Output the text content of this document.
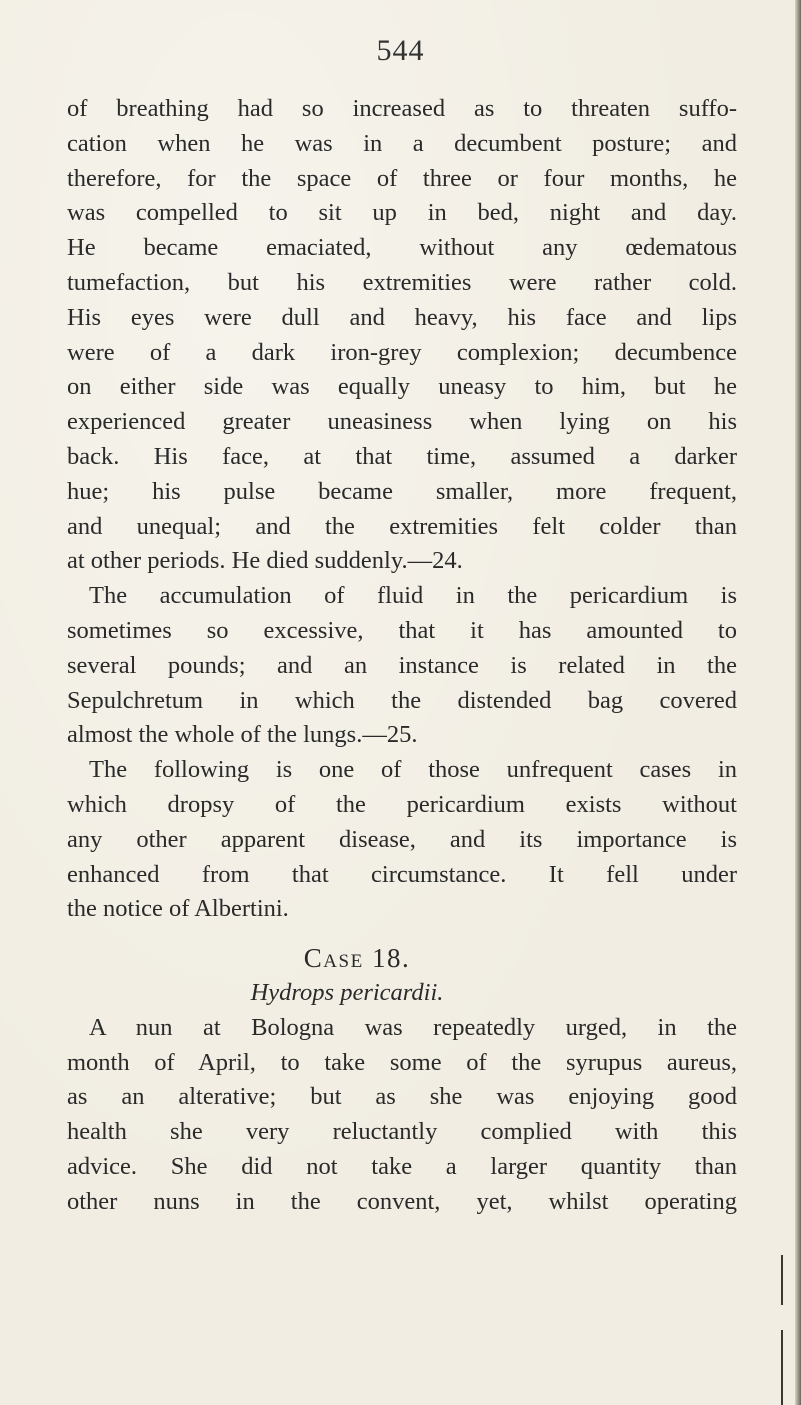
544
of breathing had so increased as to threaten suffo-
cation when he was in a decumbent posture; and
therefore, for the space of three or four months, he
was compelled to sit up in bed, night and day.
He became emaciated, without any œdematous
tumefaction, but his extremities were rather cold.
His eyes were dull and heavy, his face and lips
were of a dark iron-grey complexion; decumbence
on either side was equally uneasy to him, but he
experienced greater uneasiness when lying on his
back. His face, at that time, assumed a darker
hue; his pulse became smaller, more frequent,
and unequal; and the extremities felt colder than
at other periods. He died suddenly.—24.
The accumulation of fluid in the pericardium is
sometimes so excessive, that it has amounted to
several pounds; and an instance is related in the
Sepulchretum in which the distended bag covered
almost the whole of the lungs.—25.
The following is one of those unfrequent cases in
which dropsy of the pericardium exists without
any other apparent disease, and its importance is
enhanced from that circumstance. It fell under
the notice of Albertini.
Case 18.
Hydrops pericardii.
A nun at Bologna was repeatedly urged, in the
month of April, to take some of the syrupus aureus,
as an alterative; but as she was enjoying good
health she very reluctantly complied with this
advice. She did not take a larger quantity than
other nuns in the convent, yet, whilst operating
